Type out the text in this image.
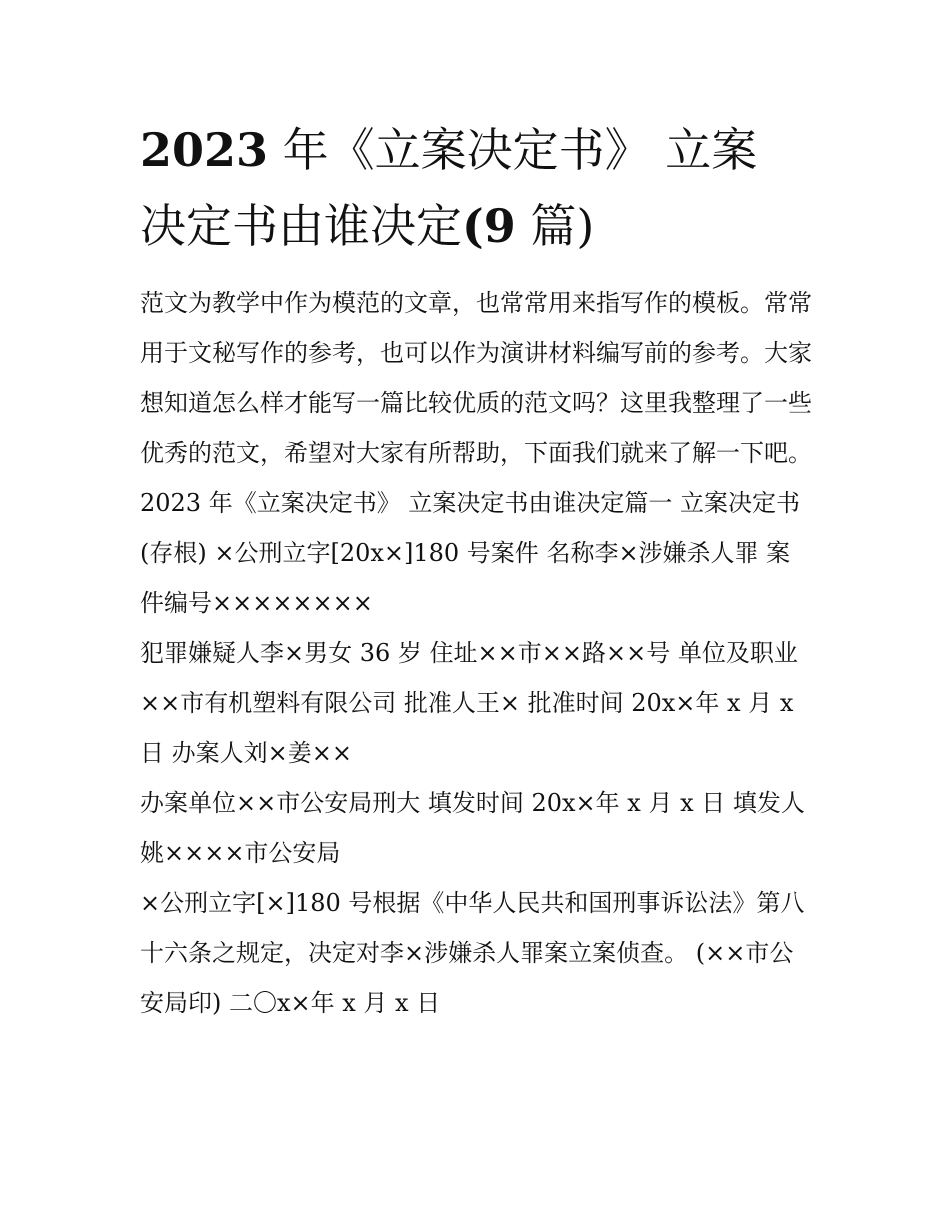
2023 年《立案决定书》 立案
决定书由谁决定(9 篇)

范文为教学中作为模范的文章，也常常用来指写作的模板。常常用于文秘写作的参考，也可以作为演讲材料编写前的参考。大家想知道怎么样才能写一篇比较优质的范文吗？这里我整理了一些优秀的范文，希望对大家有所帮助，下面我们就来了解一下吧。

2023 年《立案决定书》 立案决定书由谁决定篇一 立案决定书(存根) ×公刑立字[20x×]180 号案件 名称李×涉嫌杀人罪 案件编号××××××××

犯罪嫌疑人李×男女 36 岁 住址××市××路××号 单位及职业××市有机塑料有限公司 批准人王× 批准时间 20x×年 x 月 x 日 办案人刘×姜××

办案单位××市公安局刑大 填发时间 20x×年 x 月 x 日 填发人姚××××市公安局

×公刑立字[×]180 号根据《中华人民共和国刑事诉讼法》第八十六条之规定，决定对李×涉嫌杀人罪案立案侦查。 (××市公安局印) 二〇x×年 x 月 x 日
